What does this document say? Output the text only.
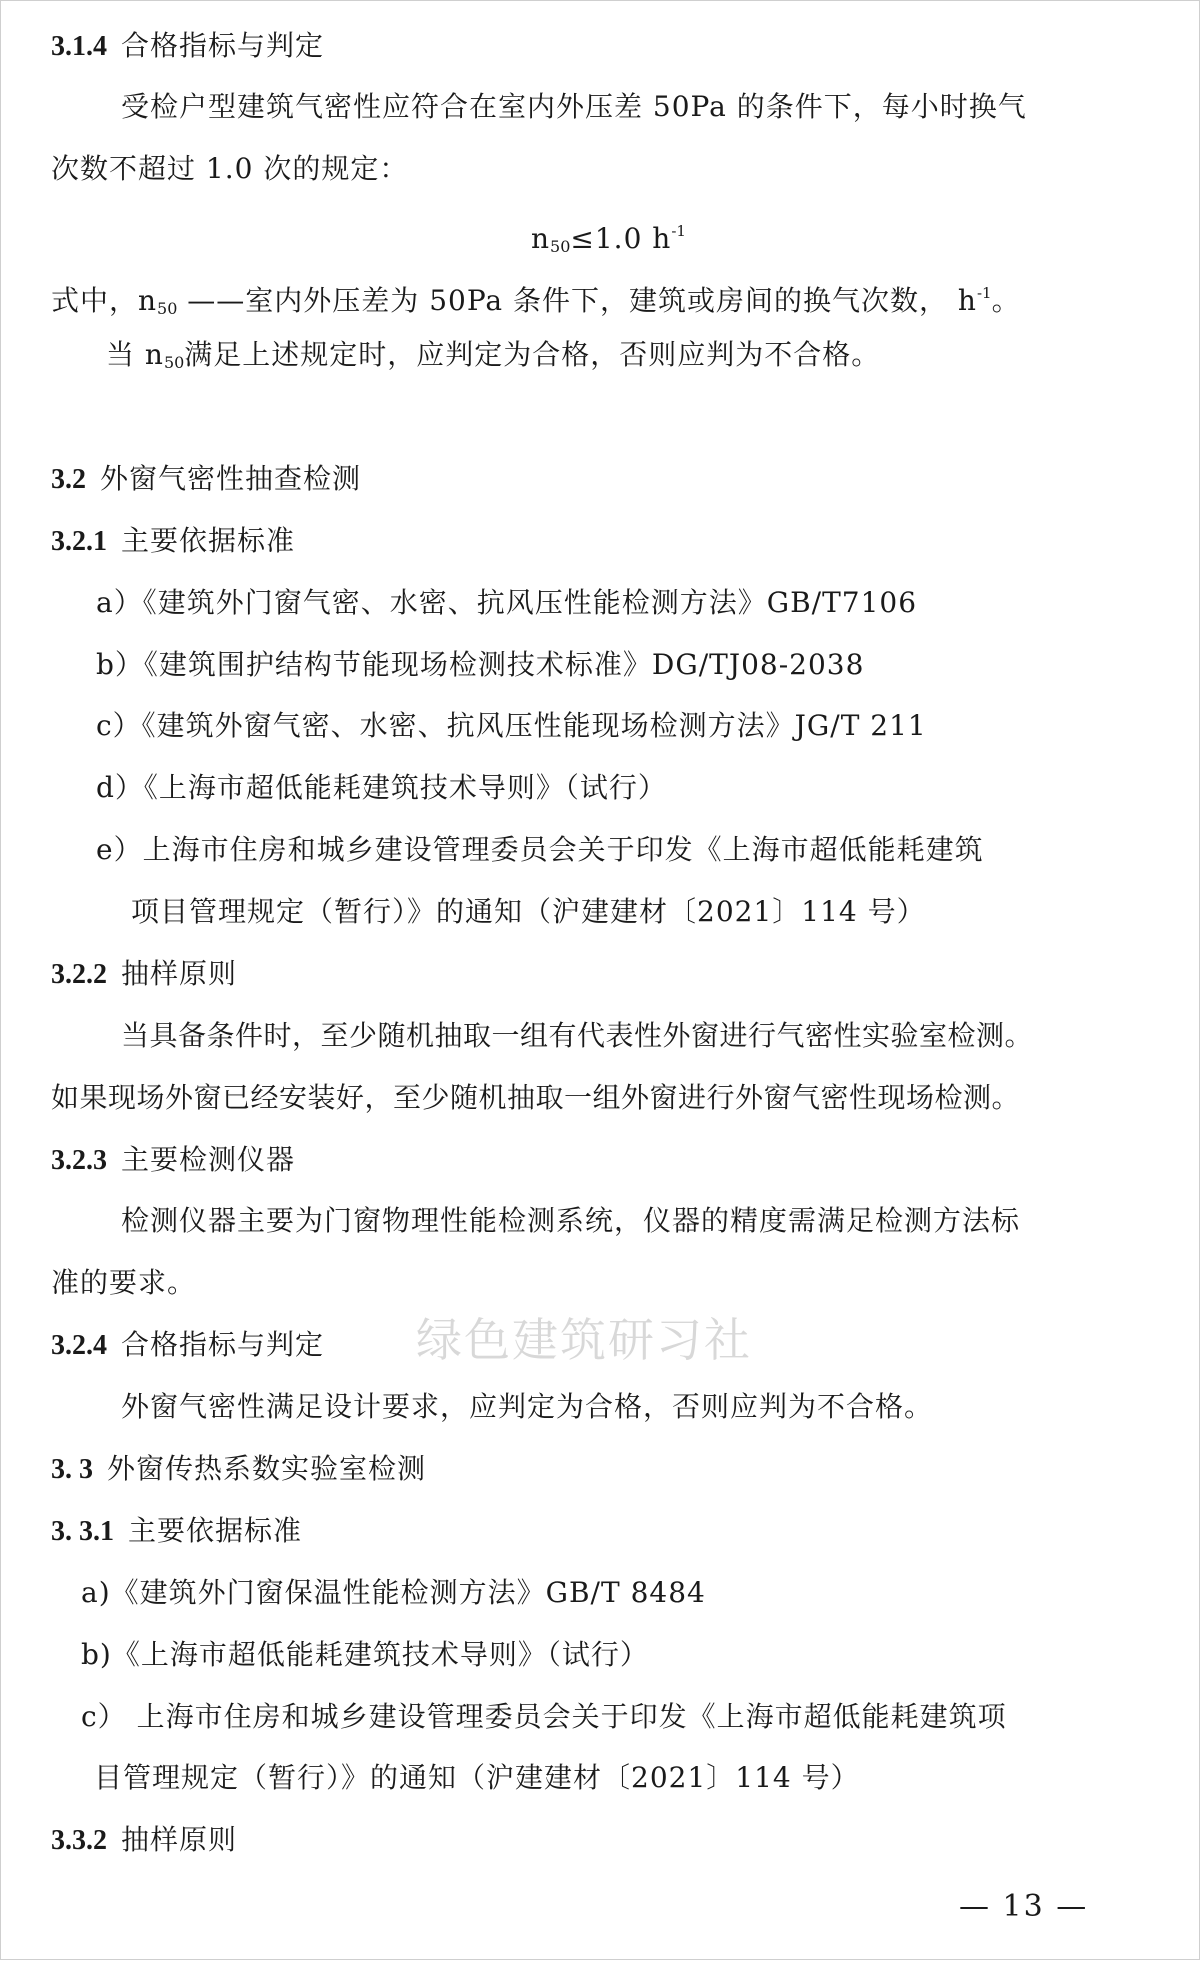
3.1.4 合格指标与判定
受检户型建筑气密性应符合在室内外压差 50Pa 的条件下，每小时换气
次数不超过 1.0 次的规定：
$n_{50}\le 1.0$ $h^{-1}$
式中，$n_{50}$ ——室内外压差为 50Pa 条件下，建筑或房间的换气次数， $h^{-1}$。
当 $n_{50}$满足上述规定时，应判定为合格，否则应判为不合格。
3.2 外窗气密性抽查检测
3.2.1 主要依据标准
a）《建筑外门窗气密、水密、抗风压性能检测方法》GB/T7106
b）《建筑围护结构节能现场检测技术标准》DG/TJ08-2038
c）《建筑外窗气密、水密、抗风压性能现场检测方法》JG/T 211
d）《上海市超低能耗建筑技术导则》（试行）
e）上海市住房和城乡建设管理委员会关于印发《上海市超低能耗建筑
项目管理规定（暂行）》的通知（沪建建材〔2021〕114 号）
3.2.2 抽样原则
当具备条件时，至少随机抽取一组有代表性外窗进行气密性实验室检测。
如果现场外窗已经安装好，至少随机抽取一组外窗进行外窗气密性现场检测。
3.2.3 主要检测仪器
检测仪器主要为门窗物理性能检测系统，仪器的精度需满足检测方法标
准的要求。
绿色建筑研习社
3.2.4 合格指标与判定
外窗气密性满足设计要求，应判定为合格，否则应判为不合格。
3. 3 外窗传热系数实验室检测
3. 3.1 主要依据标准
a)《建筑外门窗保温性能检测方法》GB/T 8484
b)《上海市超低能耗建筑技术导则》（试行）
c） 上海市住房和城乡建设管理委员会关于印发《上海市超低能耗建筑项
目管理规定（暂行）》的通知（沪建建材〔2021〕114 号）
3.3.2 抽样原则
— 13 —
